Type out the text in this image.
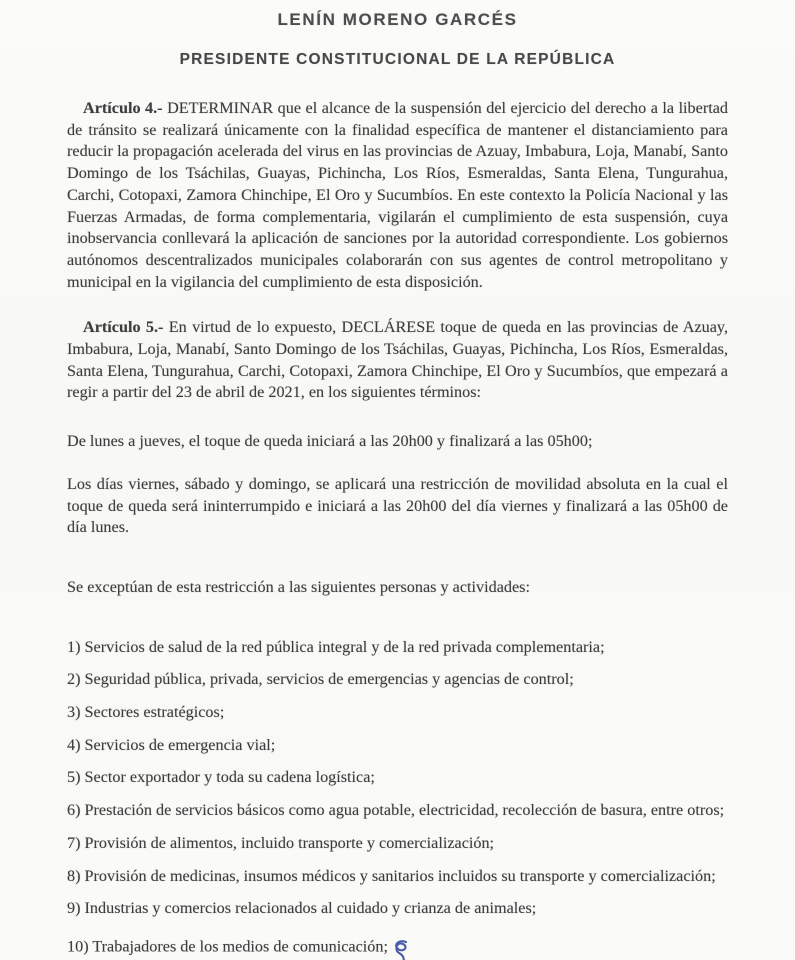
LENÍN MORENO GARCÉS
PRESIDENTE CONSTITUCIONAL DE LA REPÚBLICA

Artículo 4.- DETERMINAR que el alcance de la suspensión del ejercicio del derecho a la libertad de tránsito se realizará únicamente con la finalidad específica de mantener el distanciamiento para reducir la propagación acelerada del virus en las provincias de Azuay, Imbabura, Loja, Manabí, Santo Domingo de los Tsáchilas, Guayas, Pichincha, Los Ríos, Esmeraldas, Santa Elena, Tungurahua, Carchi, Cotopaxi, Zamora Chinchipe, El Oro y Sucumbíos. En este contexto la Policía Nacional y las Fuerzas Armadas, de forma complementaria, vigilarán el cumplimiento de esta suspensión, cuya inobservancia conllevará la aplicación de sanciones por la autoridad correspondiente. Los gobiernos autónomos descentralizados municipales colaborarán con sus agentes de control metropolitano y municipal en la vigilancia del cumplimiento de esta disposición.

Artículo 5.- En virtud de lo expuesto, DECLÁRESE toque de queda en las provincias de Azuay, Imbabura, Loja, Manabí, Santo Domingo de los Tsáchilas, Guayas, Pichincha, Los Ríos, Esmeraldas, Santa Elena, Tungurahua, Carchi, Cotopaxi, Zamora Chinchipe, El Oro y Sucumbíos, que empezará a regir a partir del 23 de abril de 2021, en los siguientes términos:

De lunes a jueves, el toque de queda iniciará a las 20h00 y finalizará a las 05h00;

Los días viernes, sábado y domingo, se aplicará una restricción de movilidad absoluta en la cual el toque de queda será ininterrumpido e iniciará a las 20h00 del día viernes y finalizará a las 05h00 de día lunes.

Se exceptúan de esta restricción a las siguientes personas y actividades:

1) Servicios de salud de la red pública integral y de la red privada complementaria;

2) Seguridad pública, privada, servicios de emergencias y agencias de control;

3) Sectores estratégicos;

4) Servicios de emergencia vial;

5) Sector exportador y toda su cadena logística;

6) Prestación de servicios básicos como agua potable, electricidad, recolección de basura, entre otros;

7) Provisión de alimentos, incluido transporte y comercialización;

8) Provisión de medicinas, insumos médicos y sanitarios incluidos su transporte y comercialización;

9) Industrias y comercios relacionados al cuidado y crianza de animales;

10) Trabajadores de los medios de comunicación;
